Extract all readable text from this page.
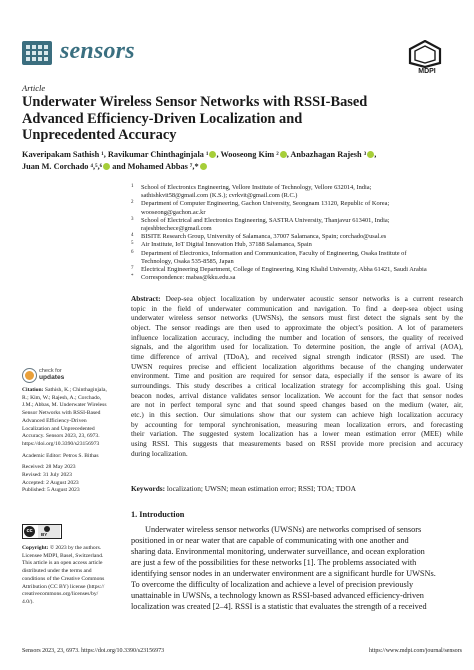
sensors
MDPI
Article
Underwater Wireless Sensor Networks with RSSI-Based
Advanced Efficiency-Driven Localization and
Unprecedented Accuracy
Kaveripakam Sathish ¹, Ravikumar Chinthaginjala ¹ , Wooseong Kim ² , Anbazhagan Rajesh ³ ,
Juan M. Corchado ⁴,⁵,⁶ and Mohamed Abbas ⁷,*
1 School of Electronics Engineering, Vellore Institute of Technology, Vellore 632014, India;
sathishkvit58@gmail.com (K.S.); cvrkvit@gmail.com (R.C.)
2 Department of Computer Engineering, Gachon University, Seongnam 13120, Republic of Korea;
wooseong@gachon.ac.kr
3 School of Electrical and Electronics Engineering, SASTRA University, Thanjavur 613401, India;
rajeshbtechece@gmail.com
4 BISITE Research Group, University of Salamanca, 37007 Salamanca, Spain; corchado@usal.es
5 Air Institute, IoT Digital Innovation Hub, 37188 Salamanca, Spain
6 Department of Electronics, Information and Communication, Faculty of Engineering, Osaka Institute of
Technology, Osaka 535-8585, Japan
7 Electrical Engineering Department, College of Engineering, King Khalid University, Abha 61421, Saudi Arabia
* Correspondence: mabas@kku.edu.sa
Abstract: Deep-sea object localization by underwater acoustic sensor networks is a current research
topic in the field of underwater communication and navigation. To find a deep-sea object using
underwater wireless sensor networks (UWSNs), the sensors must first detect the signals sent by the
object. The sensor readings are then used to approximate the object’s position. A lot of parameters
influence localization accuracy, including the number and location of sensors, the quality of received
signals, and the algorithm used for localization. To determine position, the angle of arrival (AOA),
time difference of arrival (TDoA), and received signal strength indicator (RSSI) are used. The
UWSN requires precise and efficient localization algorithms because of the changing underwater
environment. Time and position are required for sensor data, especially if the sensor is aware of its
surroundings. This study describes a critical localization strategy for accomplishing this goal. Using
beacon nodes, arrival distance validates sensor localization. We account for the fact that sensor nodes
are not in perfect temporal sync and that sound speed changes based on the medium (water, air,
etc.) in this section. Our simulations show that our system can achieve high localization accuracy
by accounting for temporal synchronisation, measuring mean localization errors, and forecasting
their variation. The suggested system localization has a lower mean estimation error (MEE) while
using RSSI. This suggests that measurements based on RSSI provide more precision and accuracy
during localization.
Keywords: localization; UWSN; mean estimation error; RSSI; TOA; TDOA
check for
updates
Citation: Sathish, K.; Chinthaginjala,
R.; Kim, W.; Rajesh, A.; Corchado,
J.M.; Abbas, M. Underwater Wireless
Sensor Networks with RSSI-Based
Advanced Efficiency-Driven
Localization and Unprecedented
Accuracy. Sensors 2023, 23, 6973.
https://doi.org/10.3390/s23156973
Academic Editor: Petros S. Bithas
Received: 28 May 2023
Revised: 31 July 2023
Accepted: 2 August 2023
Published: 5 August 2023
cc
BY
Copyright: © 2023 by the authors.
Licensee MDPI, Basel, Switzerland.
This article is an open access article
distributed under the terms and
conditions of the Creative Commons
Attribution (CC BY) license (https://
creativecommons.org/licenses/by/
4.0/).
1. Introduction
Underwater wireless sensor networks (UWSNs) are networks comprised of sensors
positioned in or near water that are capable of communicating with one another and
sharing data. Environmental monitoring, underwater surveillance, and ocean exploration
are just a few of the possibilities for these networks [1]. The problems associated with
identifying sensor nodes in an underwater environment are a significant hurdle for UWSNs.
To overcome the difficulty of localization and achieve a level of precision previously
unattainable in UWSNs, a technology known as RSSI-based advanced efficiency-driven
localization was created [2–4]. RSSI is a statistic that evaluates the strength of a received
Sensors 2023, 23, 6973. https://doi.org/10.3390/s23156973	https://www.mdpi.com/journal/sensors
